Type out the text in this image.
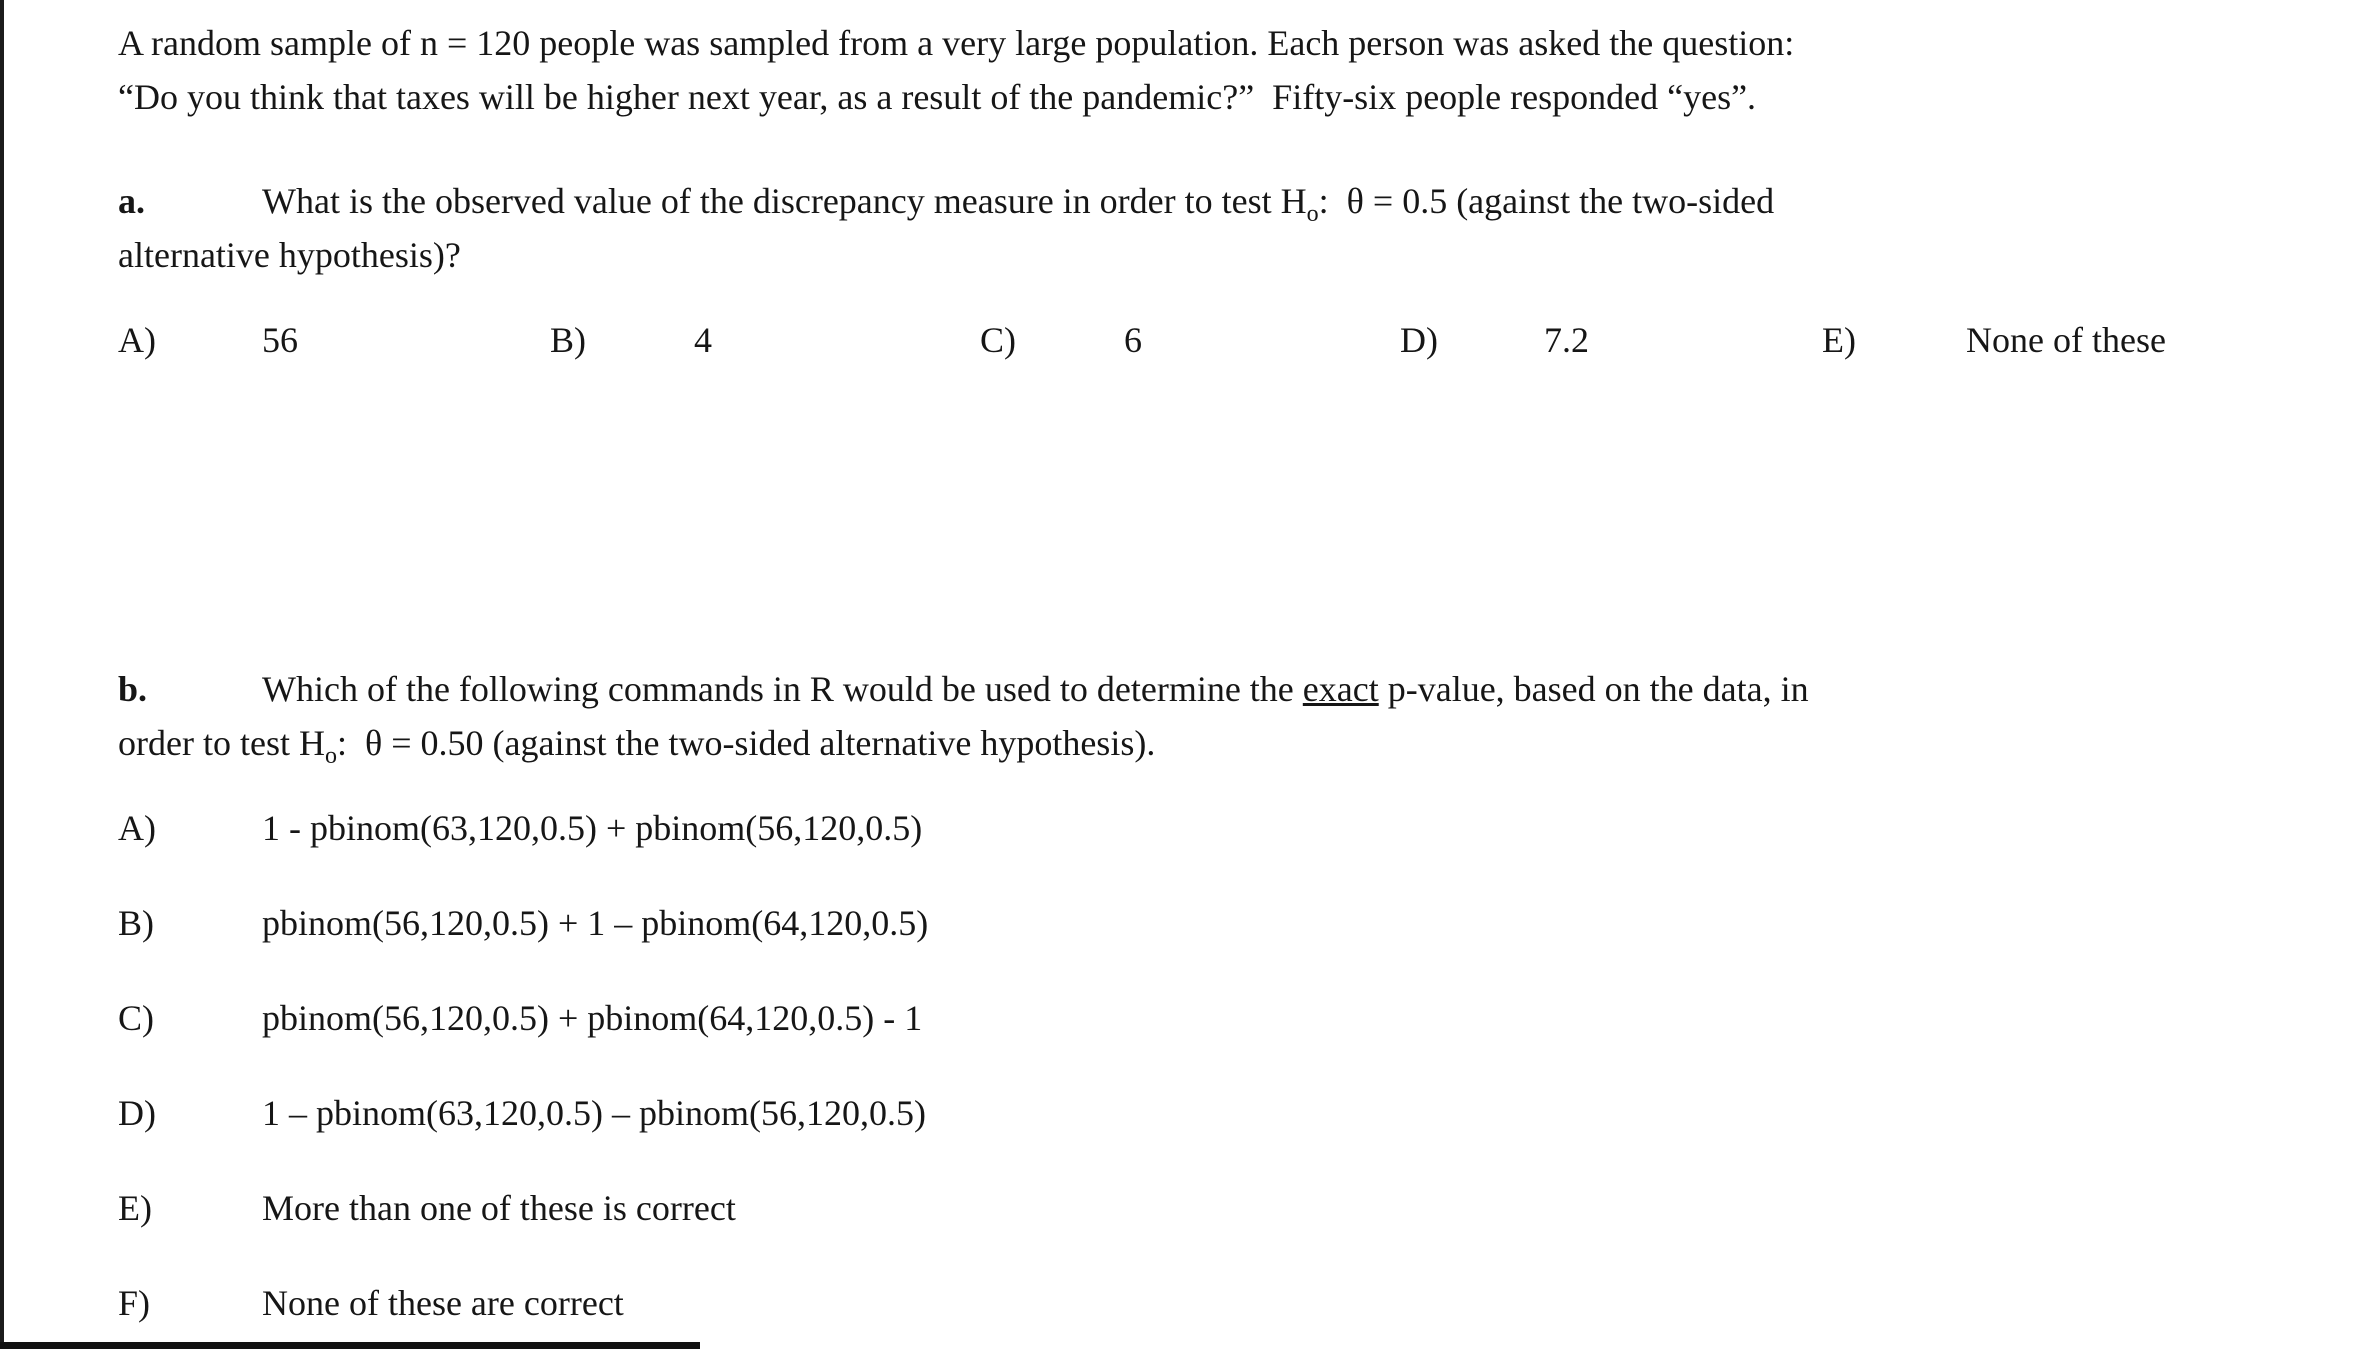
A random sample of n = 120 people was sampled from a very large population. Each person was asked the question:
“Do you think that taxes will be higher next year, as a result of the pandemic?”  Fifty-six people responded “yes”.
a.	What is the observed value of the discrepancy measure in order to test $H_o$:  θ = 0.5 (against the two-sided
alternative hypothesis)?
A)	56	B)	4	C)	6	D)	7.2	E)	None of these
b.	Which of the following commands in R would be used to determine the exact p-value, based on the data, in
order to test $H_o$:  θ = 0.50 (against the two-sided alternative hypothesis).
A)	1 - pbinom(63,120,0.5) + pbinom(56,120,0.5)
B)	pbinom(56,120,0.5) + 1 – pbinom(64,120,0.5)
C)	pbinom(56,120,0.5) + pbinom(64,120,0.5) - 1
D)	1 – pbinom(63,120,0.5) – pbinom(56,120,0.5)
E)	More than one of these is correct
F)	None of these are correct
